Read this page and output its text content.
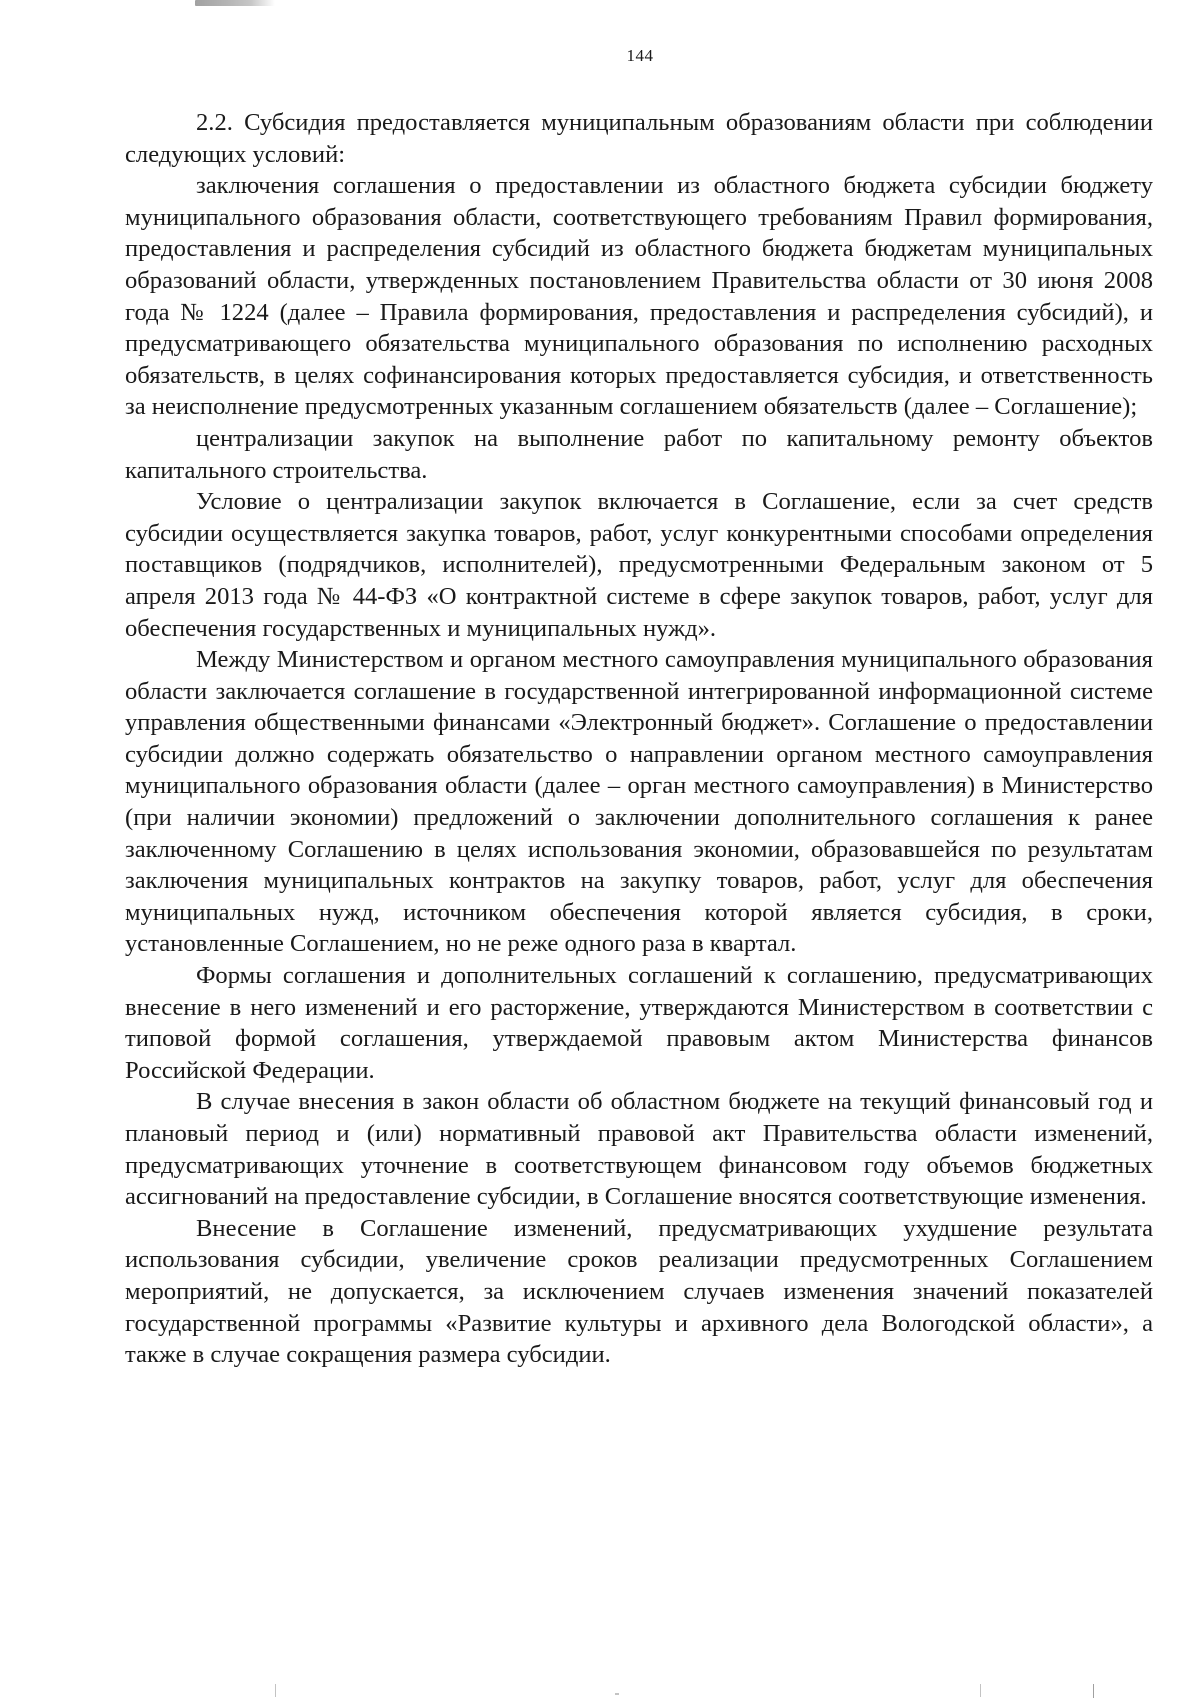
144

2.2. Субсидия предоставляется муниципальным образованиям области при соблюдении следующих условий:

заключения соглашения о предоставлении из областного бюджета субсидии бюджету муниципального образования области, соответствующего требованиям Правил формирования, предоставления и распределения субсидий из областного бюджета бюджетам муниципальных образований области, утвержденных постановлением Правительства области от 30 июня 2008 года № 1224 (далее – Правила формирования, предоставления и распределения субсидий), и предусматривающего обязательства муниципального образования по исполнению расходных обязательств, в целях софинансирования которых предоставляется субсидия, и ответственность за неисполнение предусмотренных указанным соглашением обязательств (далее – Соглашение);

централизации закупок на выполнение работ по капитальному ремонту объектов капитального строительства.

Условие о централизации закупок включается в Соглашение, если за счет средств субсидии осуществляется закупка товаров, работ, услуг конкурентными способами определения поставщиков (подрядчиков, исполнителей), предусмотренными Федеральным законом от 5 апреля 2013 года № 44-ФЗ «О контрактной системе в сфере закупок товаров, работ, услуг для обеспечения государственных и муниципальных нужд».

Между Министерством и органом местного самоуправления муниципального образования области заключается соглашение в государственной интегрированной информационной системе управления общественными финансами «Электронный бюджет». Соглашение о предоставлении субсидии должно содержать обязательство о направлении органом местного самоуправления муниципального образования области (далее – орган местного самоуправления) в Министерство (при наличии экономии) предложений о заключении дополнительного соглашения к ранее заключенному Соглашению в целях использования экономии, образовавшейся по результатам заключения муниципальных контрактов на закупку товаров, работ, услуг для обеспечения муниципальных нужд, источником обеспечения которой является субсидия, в сроки, установленные Соглашением, но не реже одного раза в квартал.

Формы соглашения и дополнительных соглашений к соглашению, предусматривающих внесение в него изменений и его расторжение, утверждаются Министерством в соответствии с типовой формой соглашения, утверждаемой правовым актом Министерства финансов Российской Федерации.

В случае внесения в закон области об областном бюджете на текущий финансовый год и плановый период и (или) нормативный правовой акт Правительства области изменений, предусматривающих уточнение в соответствующем финансовом году объемов бюджетных ассигнований на предоставление субсидии, в Соглашение вносятся соответствующие изменения.

Внесение в Соглашение изменений, предусматривающих ухудшение результата использования субсидии, увеличение сроков реализации предусмотренных Соглашением мероприятий, не допускается, за исключением случаев изменения значений показателей государственной программы «Развитие культуры и архивного дела Вологодской области», а также в случае сокращения размера субсидии.
